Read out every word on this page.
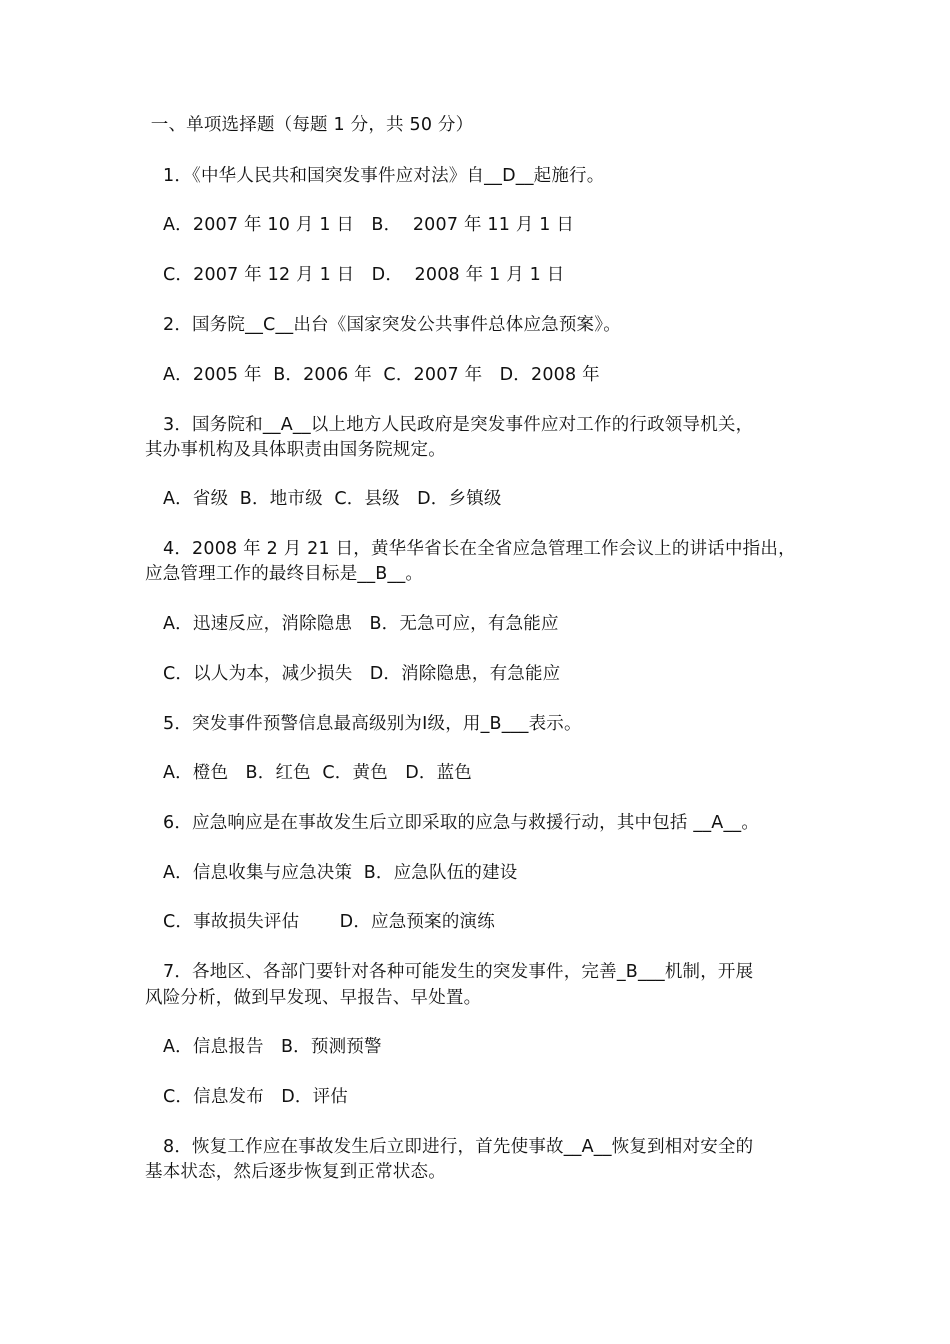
一、单项选择题（每题 1 分，共 50 分）
1．《中华人民共和国突发事件应对法》自__D__起施行。
A．2007 年 10 月 1 日   B．  2007 年 11 月 1 日
C．2007 年 12 月 1 日   D．  2008 年 1 月 1 日
2．国务院__C__出台《国家突发公共事件总体应急预案》。
A．2005 年  B．2006 年  C．2007 年   D．2008 年
3．国务院和__A__以上地方人民政府是突发事件应对工作的行政领导机关，
其办事机构及具体职责由国务院规定。
A．省级  B．地市级  C．县级   D．乡镇级
4．2008 年 2 月 21 日，黄华华省长在全省应急管理工作会议上的讲话中指出，
应急管理工作的最终目标是__B__。
A．迅速反应，消除隐患   B．无急可应，有急能应
C．以人为本，减少损失   D．消除隐患，有急能应
5．突发事件预警信息最高级别为Ⅰ级，用_B___表示。
A．橙色   B．红色  C．黄色   D．蓝色
6．应急响应是在事故发生后立即采取的应急与救援行动，其中包括 __A__。
A．信息收集与应急决策  B．应急队伍的建设
C．事故损失评估       D．应急预案的演练
7．各地区、各部门要针对各种可能发生的突发事件，完善_B___机制，开展
风险分析，做到早发现、早报告、早处置。
A．信息报告   B．预测预警
C．信息发布   D．评估
8．恢复工作应在事故发生后立即进行，首先使事故__A__恢复到相对安全的
基本状态，然后逐步恢复到正常状态。
